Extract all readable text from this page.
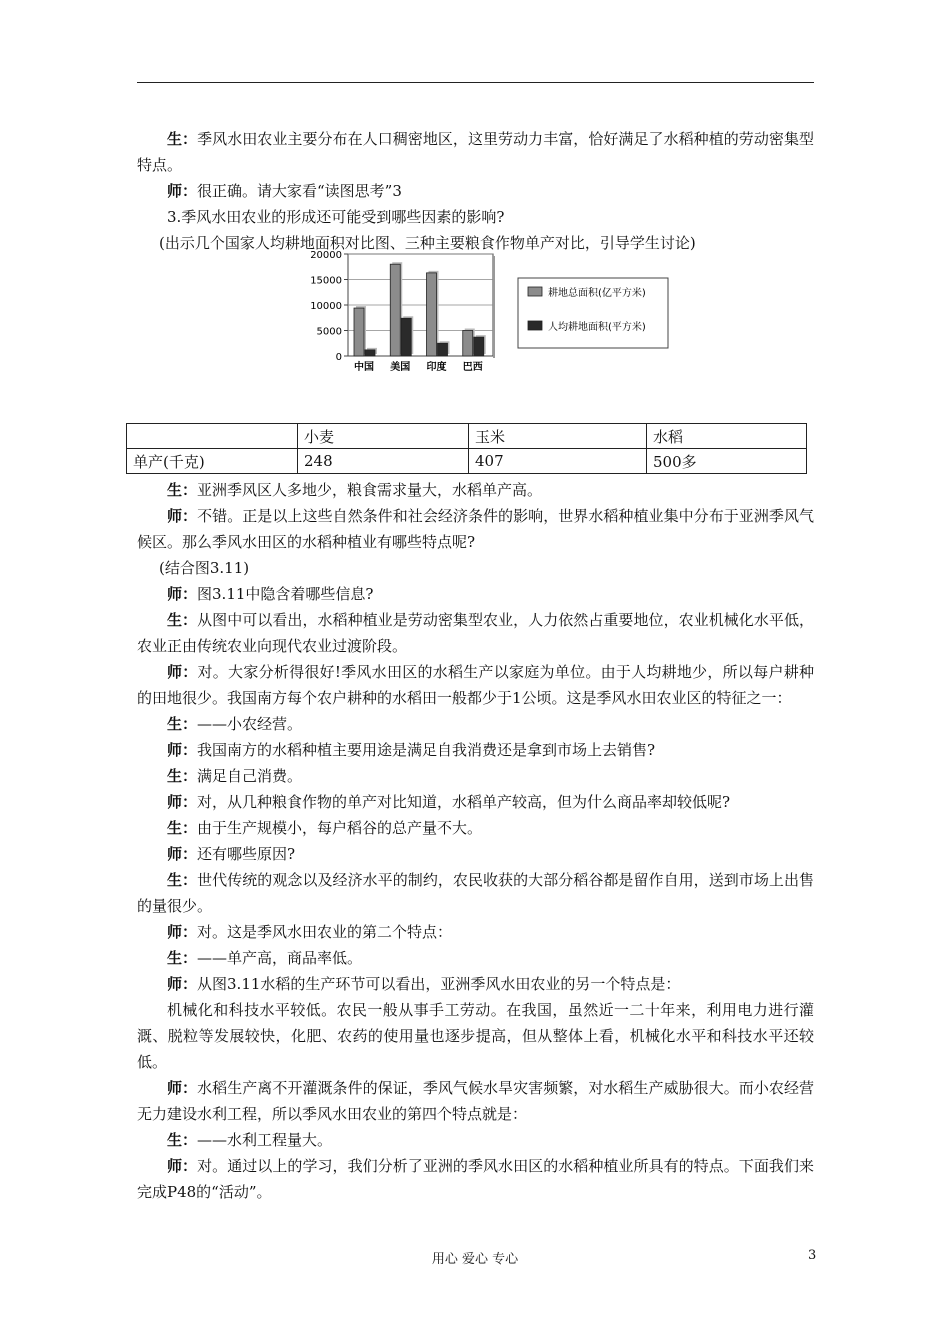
生：季风水田农业主要分布在人口稠密地区，这里劳动力丰富，恰好满足了水稻种植的劳动密集型特点。

师：很正确。请大家看“读图思考”3

3.季风水田农业的形成还可能受到哪些因素的影响?

(出示几个国家人均耕地面积对比图、三种主要粮食作物单产对比，引导学生讨论)

20000
15000
10000
5000
0
中国 美国 印度 巴西
耕地总面积(亿平方米)
人均耕地面积(平方米)
	小麦	玉米	水稻
单产(千克)	248	407	500多

生：亚洲季风区人多地少，粮食需求量大，水稻单产高。

师：不错。正是以上这些自然条件和社会经济条件的影响，世界水稻种植业集中分布于亚洲季风气候区。那么季风水田区的水稻种植业有哪些特点呢?

(结合图3.11)

师：图3.11中隐含着哪些信息?

生：从图中可以看出，水稻种植业是劳动密集型农业，人力依然占重要地位，农业机械化水平低，农业正由传统农业向现代农业过渡阶段。

师：对。大家分析得很好!季风水田区的水稻生产以家庭为单位。由于人均耕地少，所以每户耕种的田地很少。我国南方每个农户耕种的水稻田一般都少于1公顷。这是季风水田农业区的特征之一：

生：——小农经营。

师：我国南方的水稻种植主要用途是满足自我消费还是拿到市场上去销售?

生：满足自己消费。

师：对，从几种粮食作物的单产对比知道，水稻单产较高，但为什么商品率却较低呢?

生：由于生产规模小，每户稻谷的总产量不大。

师：还有哪些原因?

生：世代传统的观念以及经济水平的制约，农民收获的大部分稻谷都是留作自用，送到市场上出售的量很少。

师：对。这是季风水田农业的第二个特点：

生：——单产高，商品率低。

师：从图3.11水稻的生产环节可以看出，亚洲季风水田农业的另一个特点是：

机械化和科技水平较低。农民一般从事手工劳动。在我国，虽然近一二十年来，利用电力进行灌溉、脱粒等发展较快，化肥、农药的使用量也逐步提高，但从整体上看，机械化水平和科技水平还较低。

师：水稻生产离不开灌溉条件的保证，季风气候水旱灾害频繁，对水稻生产威胁很大。而小农经营无力建设水利工程，所以季风水田农业的第四个特点就是：

生：——水利工程量大。

师：对。通过以上的学习，我们分析了亚洲的季风水田区的水稻种植业所具有的特点。下面我们来完成P48的“活动”。

用心 爱心 专心	3
